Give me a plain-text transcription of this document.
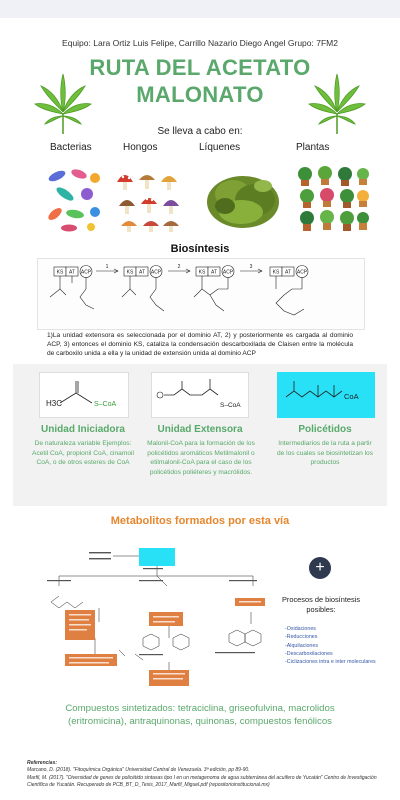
Equipo: Lara Ortiz Luis Felipe, Carrillo Nazario Diego Angel Grupo: 7FM2
RUTA DEL ACETATO
MALONATO
Se lleva a cabo en:
Bacterias	Hongos	Líquenes	Plantas
Biosíntesis
KS AT ACP
1
KS AT ACP
2
KS AT ACP
3
KS AT ACP
1)La unidad extensora es seleccionada por el dominio AT, 2) y posteriormente es cargada al dominio ACP, 3) entonces el dominio KS, cataliza la condensación descarboxilada de Claisen entre la molécula de carboxilo unida a ella y la unidad de extensión unida al dominio ACP
H3C	S–CoA	S–CoA
CoA
Unidad Iniciadora	Unidad Extensora	Policétidos
De naturaleza variable Ejemplos: Acetil CoA, propionil CoA, cinamoil CoA, o de otros esteres de CoA
Malonil-CoA para la formación de los policétidos aromáticos Metilmalonil o etilmalonil-CoA para el caso de los policétidos poliéteres y macrólidos.
Intermediarios de la ruta a partir de los cuales se biosintetizan los productos
Metabolitos formados por esta vía
+
Procesos de biosíntesis posibles:
-Oxidaciones
-Reducciones
-Alquilaciones
-Descarboxilaciones
-Ciclizaciones intra e inter moleculares
Compuestos sintetizados: tetraciclina, griseofulvina, macrolidos (eritromicina), antraquinonas, quinonas, compuestos fenólicos
Referencias:
Marcano, D. (2018). "Fitoquímica Orgánica" Universidad Central de Venezuela. 3ª edición, pp 89-90.
Marfil, M. (2017). "Diversidad de genes de policétido sintasas tipo I en un metagenoma de agua subterránea del acuífero de Yucatán" Centro de Investigación Científica de Yucatán. Recuperado de PCB_BT_D_Tesis_2017_Marfil_Miguel.pdf (repositorioinstitucional.mx)
